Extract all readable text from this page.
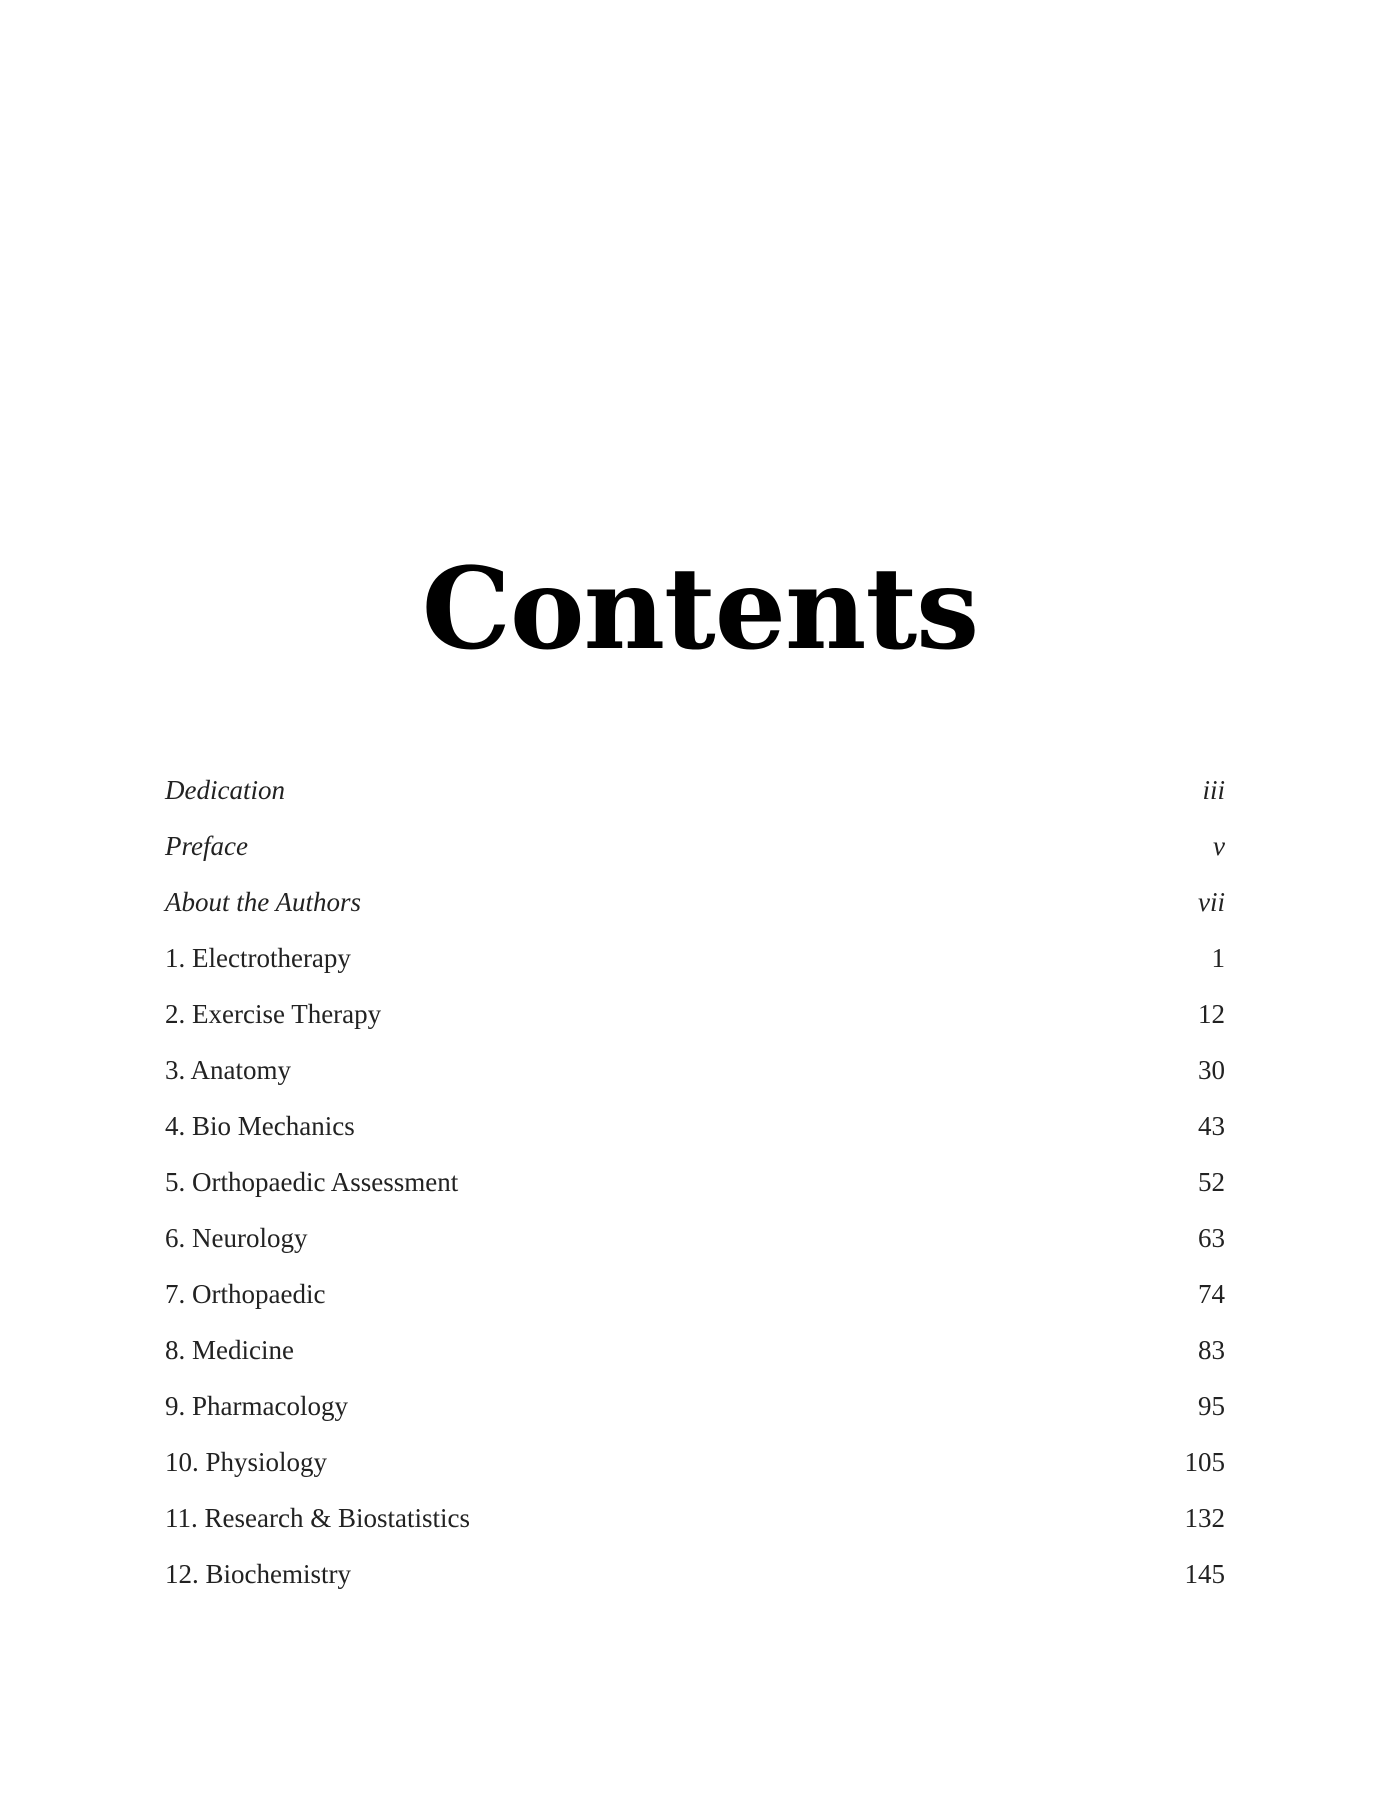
Contents
Dedication	iii
Preface	v
About the Authors	vii
1. Electrotherapy	1
2. Exercise Therapy	12
3. Anatomy	30
4. Bio Mechanics	43
5. Orthopaedic Assessment	52
6. Neurology	63
7. Orthopaedic	74
8. Medicine	83
9. Pharmacology	95
10. Physiology	105
11. Research & Biostatistics	132
12. Biochemistry	145
